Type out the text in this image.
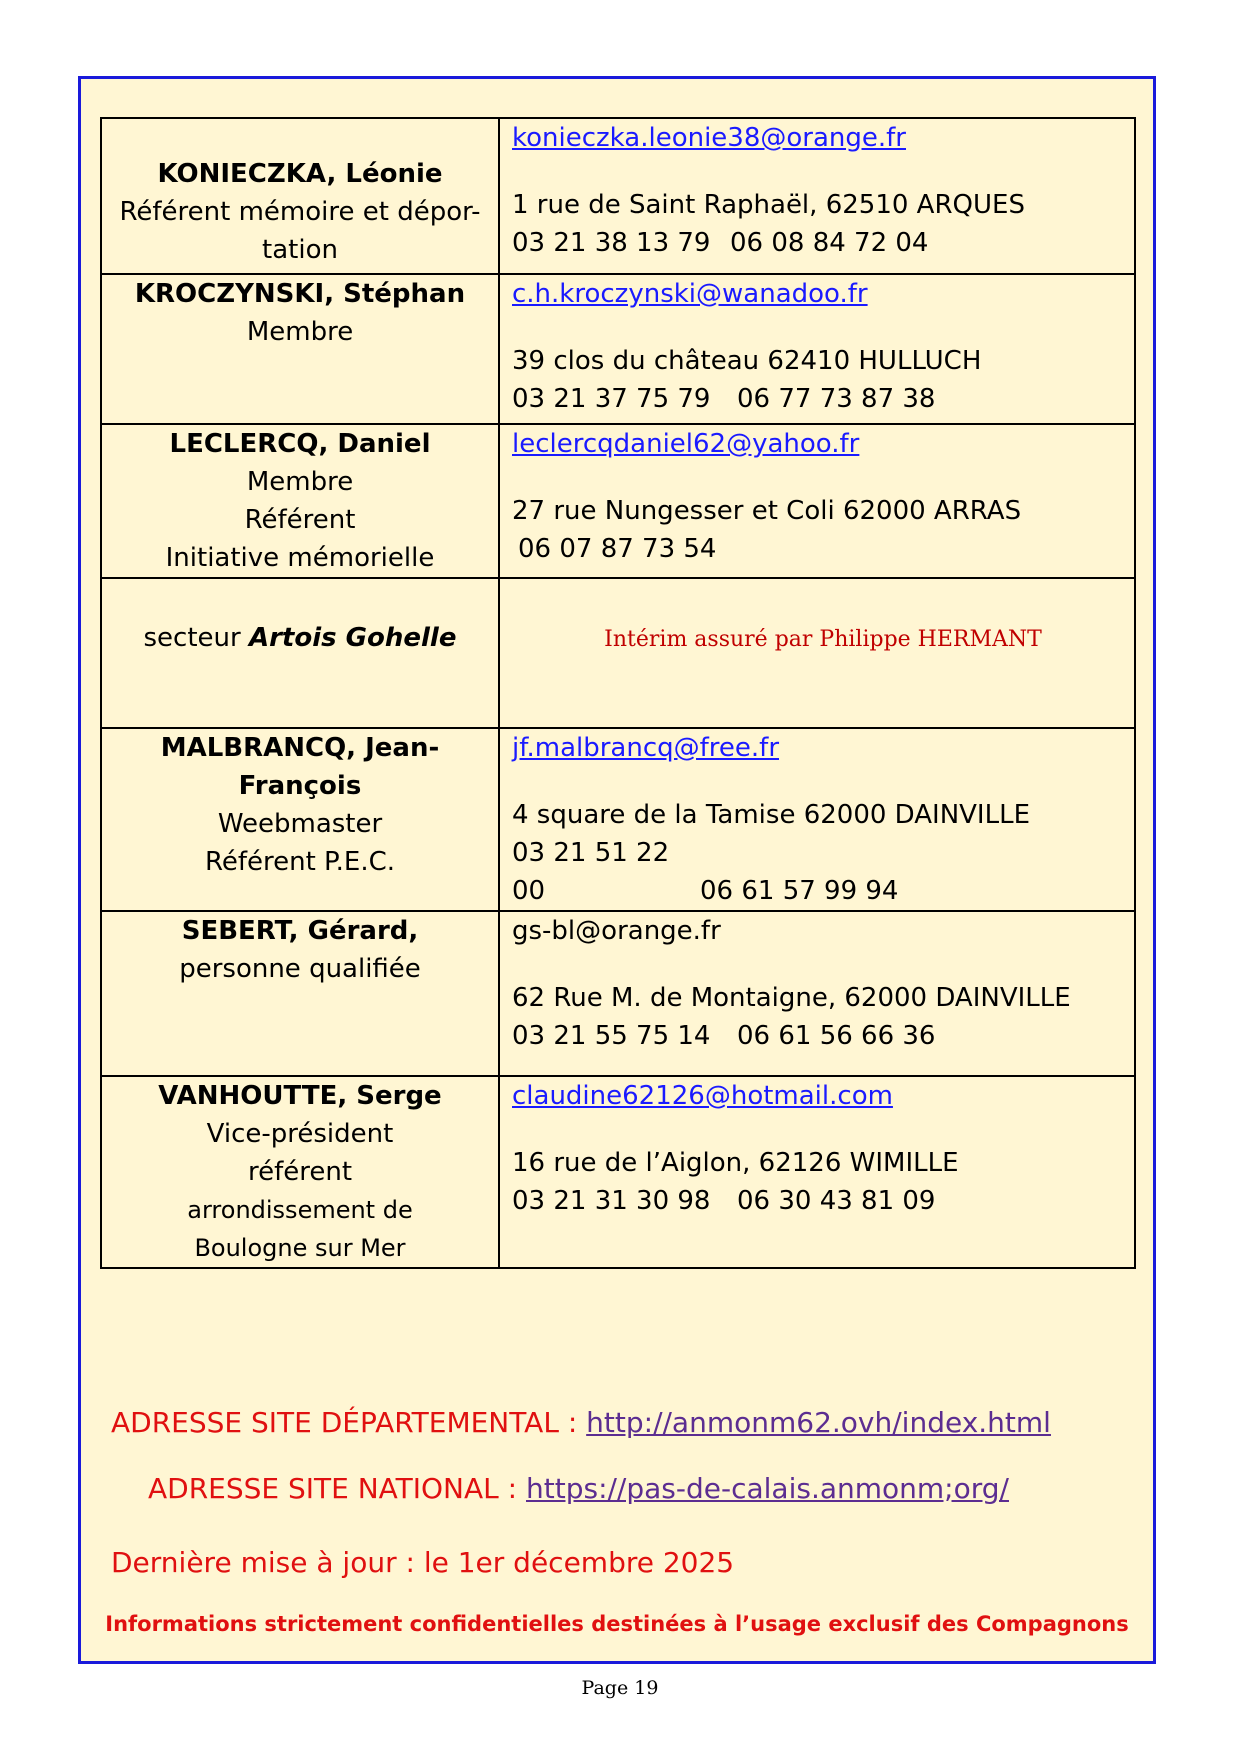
KONIECZKA, Léonie
Référent mémoire et dépor-
tation	konieczka.leonie38@orange.fr
1 rue de Saint Raphaël, 62510 ARQUES
03 21 38 13 79 06 08 84 72 04

KROCZYNSKI, Stéphan
Membre	c.h.kroczynski@wanadoo.fr
39 clos du château 62410 HULLUCH
03 21 37 75 79 06 77 73 87 38

LECLERCQ, Daniel
Membre
Référent
Initiative mémorielle	leclercqdaniel62@yahoo.fr
27 rue Nungesser et Coli 62000 ARRAS
06 07 87 73 54

secteur Artois Gohelle	Intérim assuré par Philippe HERMANT

MALBRANCQ, Jean-François
Weebmaster
Référent P.E.C.	jf.malbrancq@free.fr
4 square de la Tamise 62000 DAINVILLE
03 21 51 22 00 06 61 57 99 94

SEBERT, Gérard,
personne qualifiée	gs-bl@orange.fr
62 Rue M. de Montaigne, 62000 DAINVILLE
03 21 55 75 14 06 61 56 66 36

VANHOUTTE, Serge
Vice-président
référent
arrondissement de
Boulogne sur Mer	claudine62126@hotmail.com
16 rue de l’Aiglon, 62126 WIMILLE
03 21 31 30 98 06 30 43 81 09
ADRESSE SITE DÉPARTEMENTAL : http://anmonm62.ovh/index.html
ADRESSE SITE NATIONAL : https://pas-de-calais.anmonm;org/
Dernière mise à jour : le 1er décembre 2025
Informations strictement confidentielles destinées à l’usage exclusif des Compagnons
Page 19
